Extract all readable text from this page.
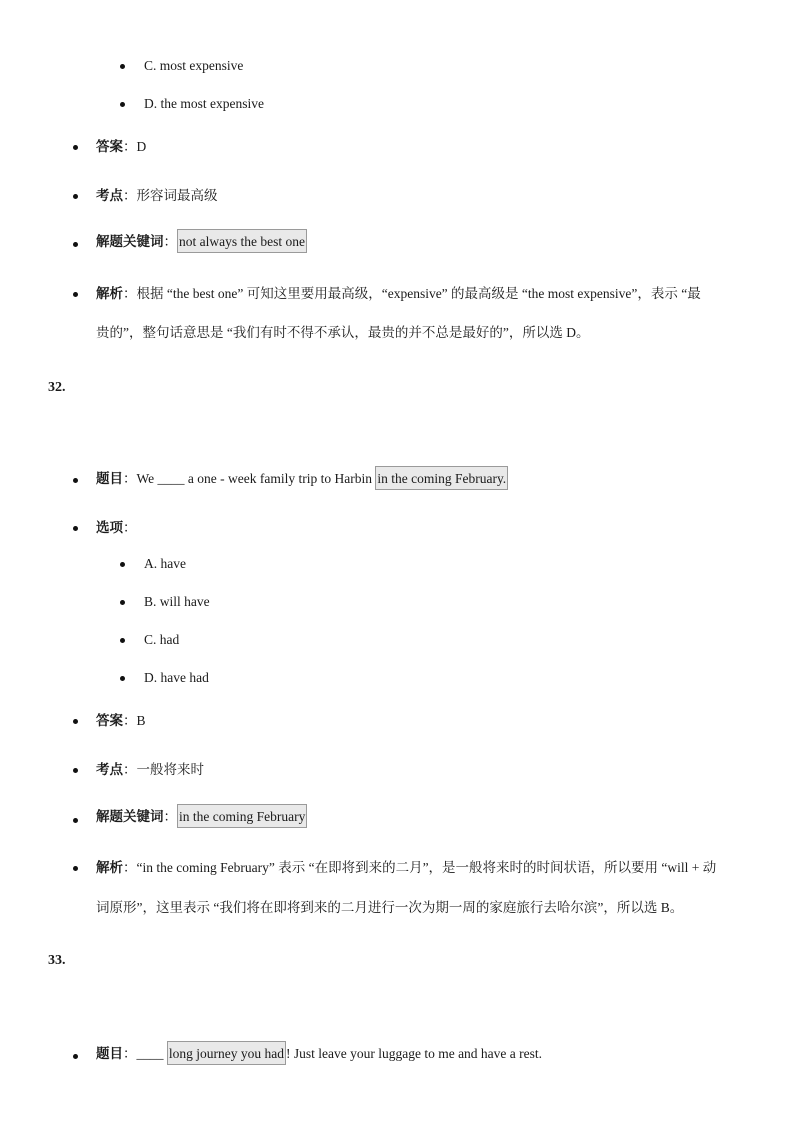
C. most expensive
D. the most expensive
答案：D
考点：形容词最高级
解题关键词： not always the best one
解析：根据 “the best one” 可知这里要用最高级，“expensive” 的最高级是 “the most expensive”，表示 “最
贵的”，整句话意思是 “我们有时不得不承认，最贵的并不总是最好的”，所以选 D。
32.
题目：We ____ a one - week family trip to Harbin in the coming February.
选项：
A. have
B. will have
C. had
D. have had
答案：B
考点：一般将来时
解题关键词： in the coming February
解析：“in the coming February” 表示 “在即将到来的二月”，是一般将来时的时间状语，所以要用 “will + 动
词原形”，这里表示 “我们将在即将到来的二月进行一次为期一周的家庭旅行去哈尔滨”，所以选 B。
33.
题目：____ long journey you had ! Just leave your luggage to me and have a rest.
